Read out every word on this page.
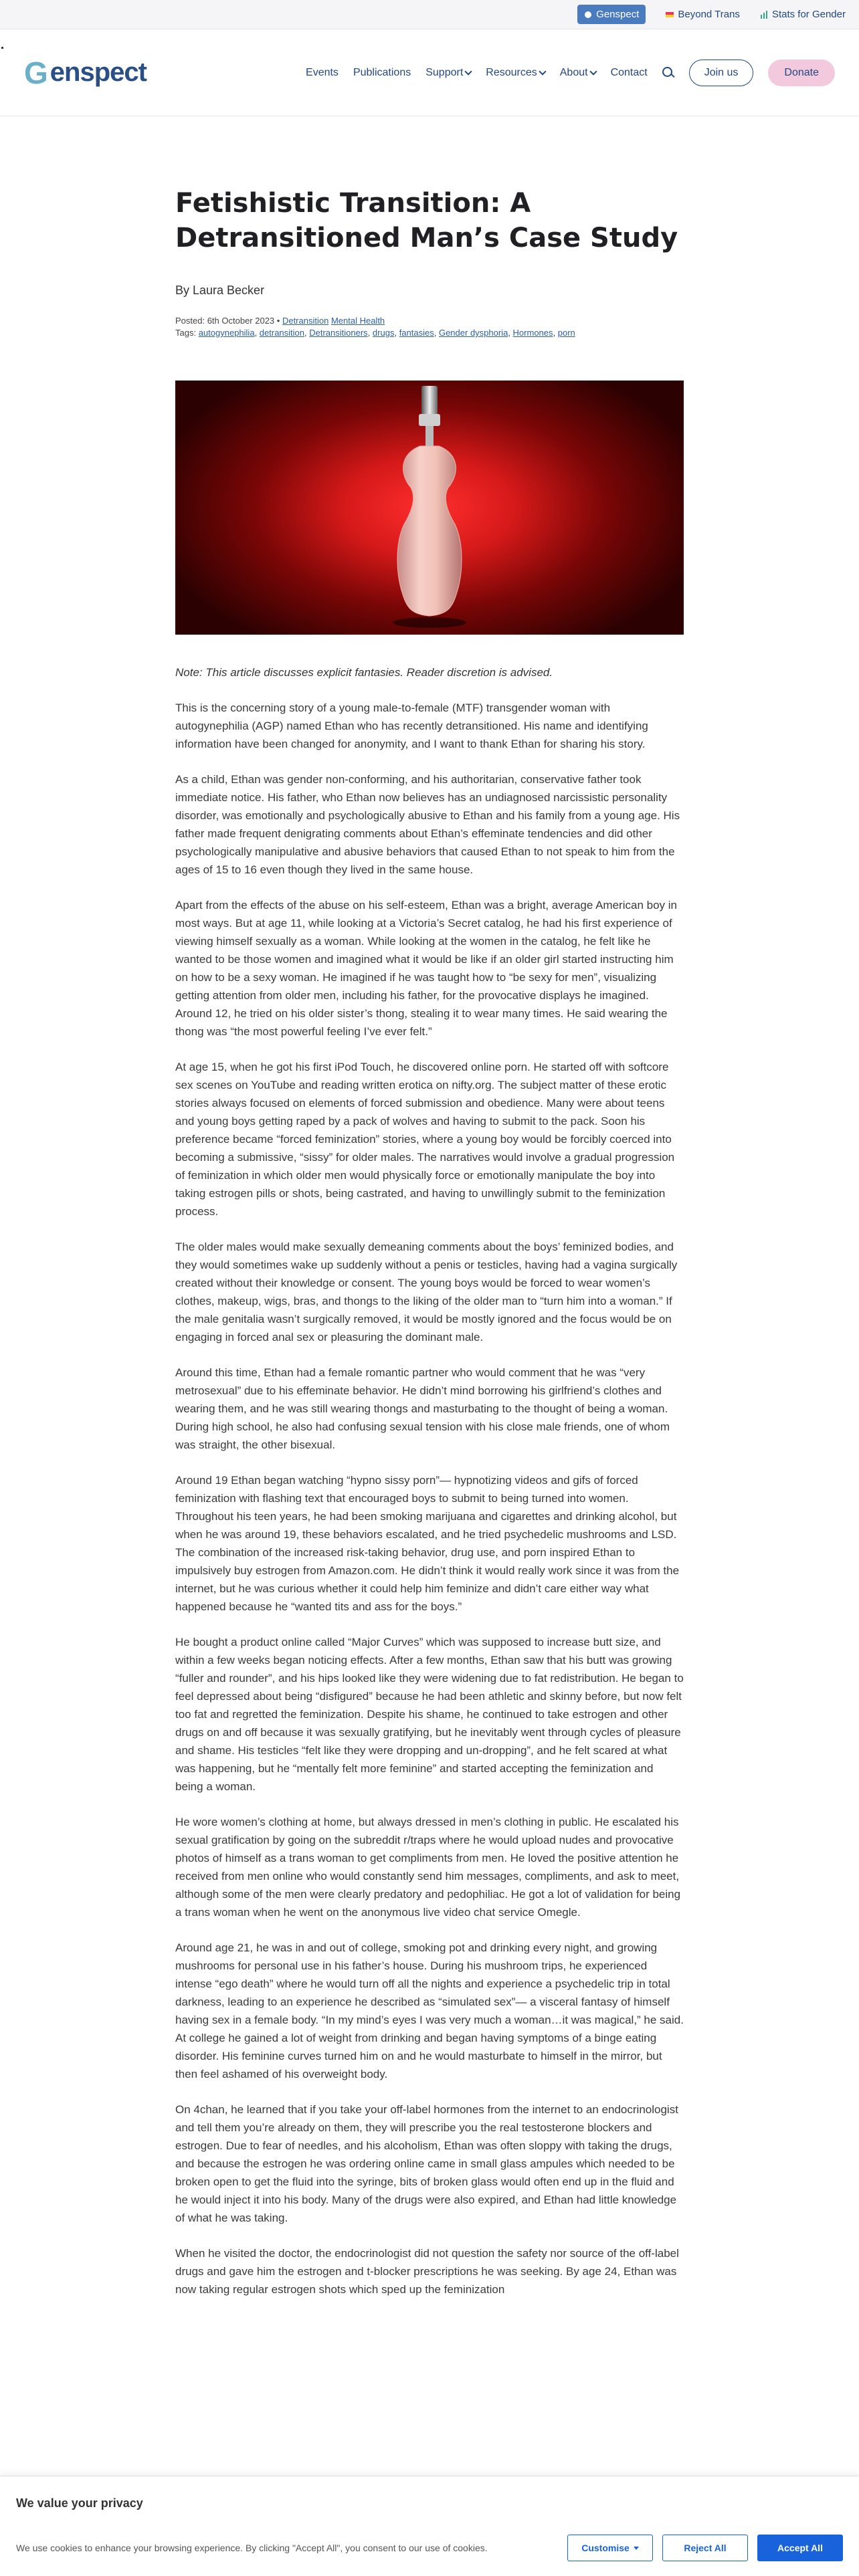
Genspect	Beyond Trans	Stats for Gender
G enspect	Events Publications Support Resources About Contact	Join us	Donate
Fetishistic Transition: A Detransitioned Man’s Case Study
By Laura Becker
Posted: 6th October 2023 • Detransition Mental Health
Tags: autogynephilia, detransition, Detransitioners, drugs, fantasies, Gender dysphoria, Hormones, porn

Note: This article discusses explicit fantasies. Reader discretion is advised.

This is the concerning story of a young male-to-female (MTF) transgender woman with autogynephilia (AGP) named Ethan who has recently detransitioned. His name and identifying information have been changed for anonymity, and I want to thank Ethan for sharing his story.

As a child, Ethan was gender non-conforming, and his authoritarian, conservative father took immediate notice. His father, who Ethan now believes has an undiagnosed narcissistic personality disorder, was emotionally and psychologically abusive to Ethan and his family from a young age. His father made frequent denigrating comments about Ethan’s effeminate tendencies and did other psychologically manipulative and abusive behaviors that caused Ethan to not speak to him from the ages of 15 to 16 even though they lived in the same house.

Apart from the effects of the abuse on his self-esteem, Ethan was a bright, average American boy in most ways. But at age 11, while looking at a Victoria’s Secret catalog, he had his first experience of viewing himself sexually as a woman. While looking at the women in the catalog, he felt like he wanted to be those women and imagined what it would be like if an older girl started instructing him on how to be a sexy woman. He imagined if he was taught how to “be sexy for men”, visualizing getting attention from older men, including his father, for the provocative displays he imagined. Around 12, he tried on his older sister’s thong, stealing it to wear many times. He said wearing the thong was “the most powerful feeling I’ve ever felt.”

At age 15, when he got his first iPod Touch, he discovered online porn. He started off with softcore sex scenes on YouTube and reading written erotica on nifty.org. The subject matter of these erotic stories always focused on elements of forced submission and obedience. Many were about teens and young boys getting raped by a pack of wolves and having to submit to the pack. Soon his preference became “forced feminization” stories, where a young boy would be forcibly coerced into becoming a submissive, “sissy” for older males. The narratives would involve a gradual progression of feminization in which older men would physically force or emotionally manipulate the boy into taking estrogen pills or shots, being castrated, and having to unwillingly submit to the feminization process.

The older males would make sexually demeaning comments about the boys’ feminized bodies, and they would sometimes wake up suddenly without a penis or testicles, having had a vagina surgically created without their knowledge or consent. The young boys would be forced to wear women’s clothes, makeup, wigs, bras, and thongs to the liking of the older man to “turn him into a woman.” If the male genitalia wasn’t surgically removed, it would be mostly ignored and the focus would be on engaging in forced anal sex or pleasuring the dominant male.

Around this time, Ethan had a female romantic partner who would comment that he was “very metrosexual” due to his effeminate behavior. He didn’t mind borrowing his girlfriend’s clothes and wearing them, and he was still wearing thongs and masturbating to the thought of being a woman. During high school, he also had confusing sexual tension with his close male friends, one of whom was straight, the other bisexual.

Around 19 Ethan began watching “hypno sissy porn”— hypnotizing videos and gifs of forced feminization with flashing text that encouraged boys to submit to being turned into women. Throughout his teen years, he had been smoking marijuana and cigarettes and drinking alcohol, but when he was around 19, these behaviors escalated, and he tried psychedelic mushrooms and LSD. The combination of the increased risk-taking behavior, drug use, and porn inspired Ethan to impulsively buy estrogen from Amazon.com. He didn’t think it would really work since it was from the internet, but he was curious whether it could help him feminize and didn’t care either way what happened because he “wanted tits and ass for the boys.”

He bought a product online called “Major Curves” which was supposed to increase butt size, and within a few weeks began noticing effects. After a few months, Ethan saw that his butt was growing “fuller and rounder”, and his hips looked like they were widening due to fat redistribution. He began to feel depressed about being “disfigured” because he had been athletic and skinny before, but now felt too fat and regretted the feminization. Despite his shame, he continued to take estrogen and other drugs on and off because it was sexually gratifying, but he inevitably went through cycles of pleasure and shame. His testicles “felt like they were dropping and un-dropping”, and he felt scared at what was happening, but he “mentally felt more feminine” and started accepting the feminization and being a woman.

He wore women’s clothing at home, but always dressed in men’s clothing in public. He escalated his sexual gratification by going on the subreddit r/traps where he would upload nudes and provocative photos of himself as a trans woman to get compliments from men. He loved the positive attention he received from men online who would constantly send him messages, compliments, and ask to meet, although some of the men were clearly predatory and pedophiliac. He got a lot of validation for being a trans woman when he went on the anonymous live video chat service Omegle.

Around age 21, he was in and out of college, smoking pot and drinking every night, and growing mushrooms for personal use in his father’s house. During his mushroom trips, he experienced intense “ego death” where he would turn off all the nights and experience a psychedelic trip in total darkness, leading to an experience he described as “simulated sex”— a visceral fantasy of himself having sex in a female body. “In my mind’s eyes I was very much a woman…it was magical,” he said. At college he gained a lot of weight from drinking and began having symptoms of a binge eating disorder. His feminine curves turned him on and he would masturbate to himself in the mirror, but then feel ashamed of his overweight body.

On 4chan, he learned that if you take your off-label hormones from the internet to an endocrinologist and tell them you’re already on them, they will prescribe you the real testosterone blockers and estrogen. Due to fear of needles, and his alcoholism, Ethan was often sloppy with taking the drugs, and because the estrogen he was ordering online came in small glass ampules which needed to be broken open to get the fluid into the syringe, bits of broken glass would often end up in the fluid and he would inject it into his body. Many of the drugs were also expired, and Ethan had little knowledge of what he was taking.

When he visited the doctor, the endocrinologist did not question the safety nor source of the off-label drugs and gave him the estrogen and t-blocker prescriptions he was seeking. By age 24, Ethan was now taking regular estrogen shots which sped up the feminization

We value your privacy

We use cookies to enhance your browsing experience. By clicking "Accept All", you consent to our use of cookies.	Customise	Reject All	Accept All
